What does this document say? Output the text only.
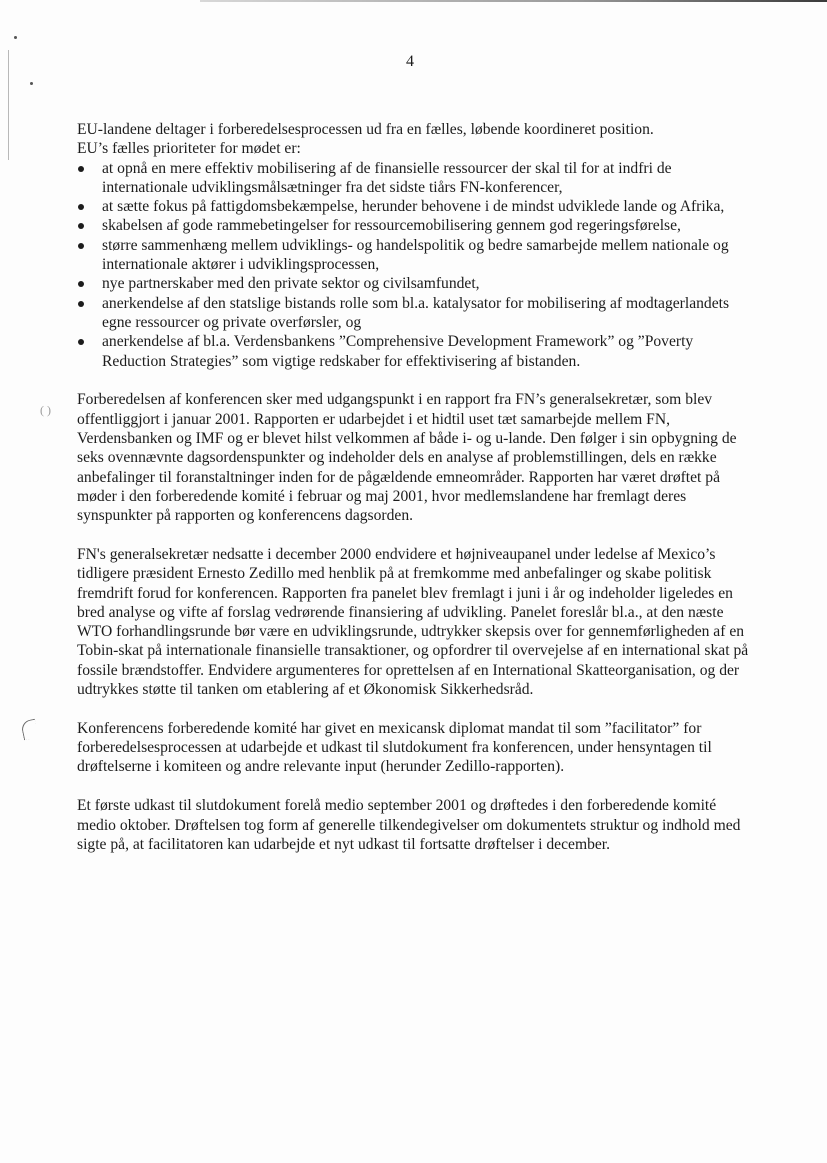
( )
4

EU-landene deltager i forberedelsesprocessen ud fra en fælles, løbende koordineret position.

EU’s fælles prioriteter for mødet er:

at opnå en mere effektiv mobilisering af de finansielle ressourcer der skal til for at indfri de internationale udviklingsmålsætninger fra det sidste tiårs FN-konferencer,
at sætte fokus på fattigdomsbekæmpelse, herunder behovene i de mindst udviklede lande og Afrika,
skabelsen af gode rammebetingelser for ressourcemobilisering gennem god regeringsførelse,
større sammenhæng mellem udviklings- og handelspolitik og bedre samarbejde mellem nationale og internationale aktører i udviklingsprocessen,
nye partnerskaber med den private sektor og civilsamfundet,
anerkendelse af den statslige bistands rolle som bl.a. katalysator for mobilisering af modtagerlandets egne ressourcer og private overførsler, og
anerkendelse af bl.a. Verdensbankens ”Comprehensive Development Framework” og ”Poverty Reduction Strategies” som vigtige redskaber for effektivisering af bistanden.

Forberedelsen af konferencen sker med udgangspunkt i en rapport fra FN’s generalsekretær, som blev offentliggjort i januar 2001. Rapporten er udarbejdet i et hidtil uset tæt samarbejde mellem FN, Verdensbanken og IMF og er blevet hilst velkommen af både i- og u-lande. Den følger i sin opbygning de seks ovennævnte dagsordenspunkter og indeholder dels en analyse af problemstillingen, dels en række anbefalinger til foranstaltninger inden for de pågældende emneområder. Rapporten har været drøftet på møder i den forberedende komité i februar og maj 2001, hvor medlemslandene har fremlagt deres synspunkter på rapporten og konferencens dagsorden.

FN's generalsekretær nedsatte i december 2000 endvidere et højniveaupanel under ledelse af Mexico’s tidligere præsident Ernesto Zedillo med henblik på at fremkomme med anbefalinger og skabe politisk fremdrift forud for konferencen. Rapporten fra panelet blev fremlagt i juni i år og indeholder ligeledes en bred analyse og vifte af forslag vedrørende finansiering af udvikling. Panelet foreslår bl.a., at den næste WTO forhandlingsrunde bør være en udviklingsrunde, udtrykker skepsis over for gennemførligheden af en Tobin-skat på internationale finansielle transaktioner, og opfordrer til overvejelse af en international skat på fossile brændstoffer. Endvidere argumenteres for oprettelsen af en International Skatteorganisation, og der udtrykkes støtte til tanken om etablering af et Økonomisk Sikkerhedsråd.

Konferencens forberedende komité har givet en mexicansk diplomat mandat til som ”facilitator” for forberedelsesprocessen at udarbejde et udkast til slutdokument fra konferencen, under hensyntagen til drøftelserne i komiteen og andre relevante input (herunder Zedillo-rapporten).

Et første udkast til slutdokument forelå medio september 2001 og drøftedes i den forberedende komité medio oktober. Drøftelsen tog form af generelle tilkendegivelser om dokumentets struktur og indhold med sigte på, at facilitatoren kan udarbejde et nyt udkast til fortsatte drøftelser i december.
